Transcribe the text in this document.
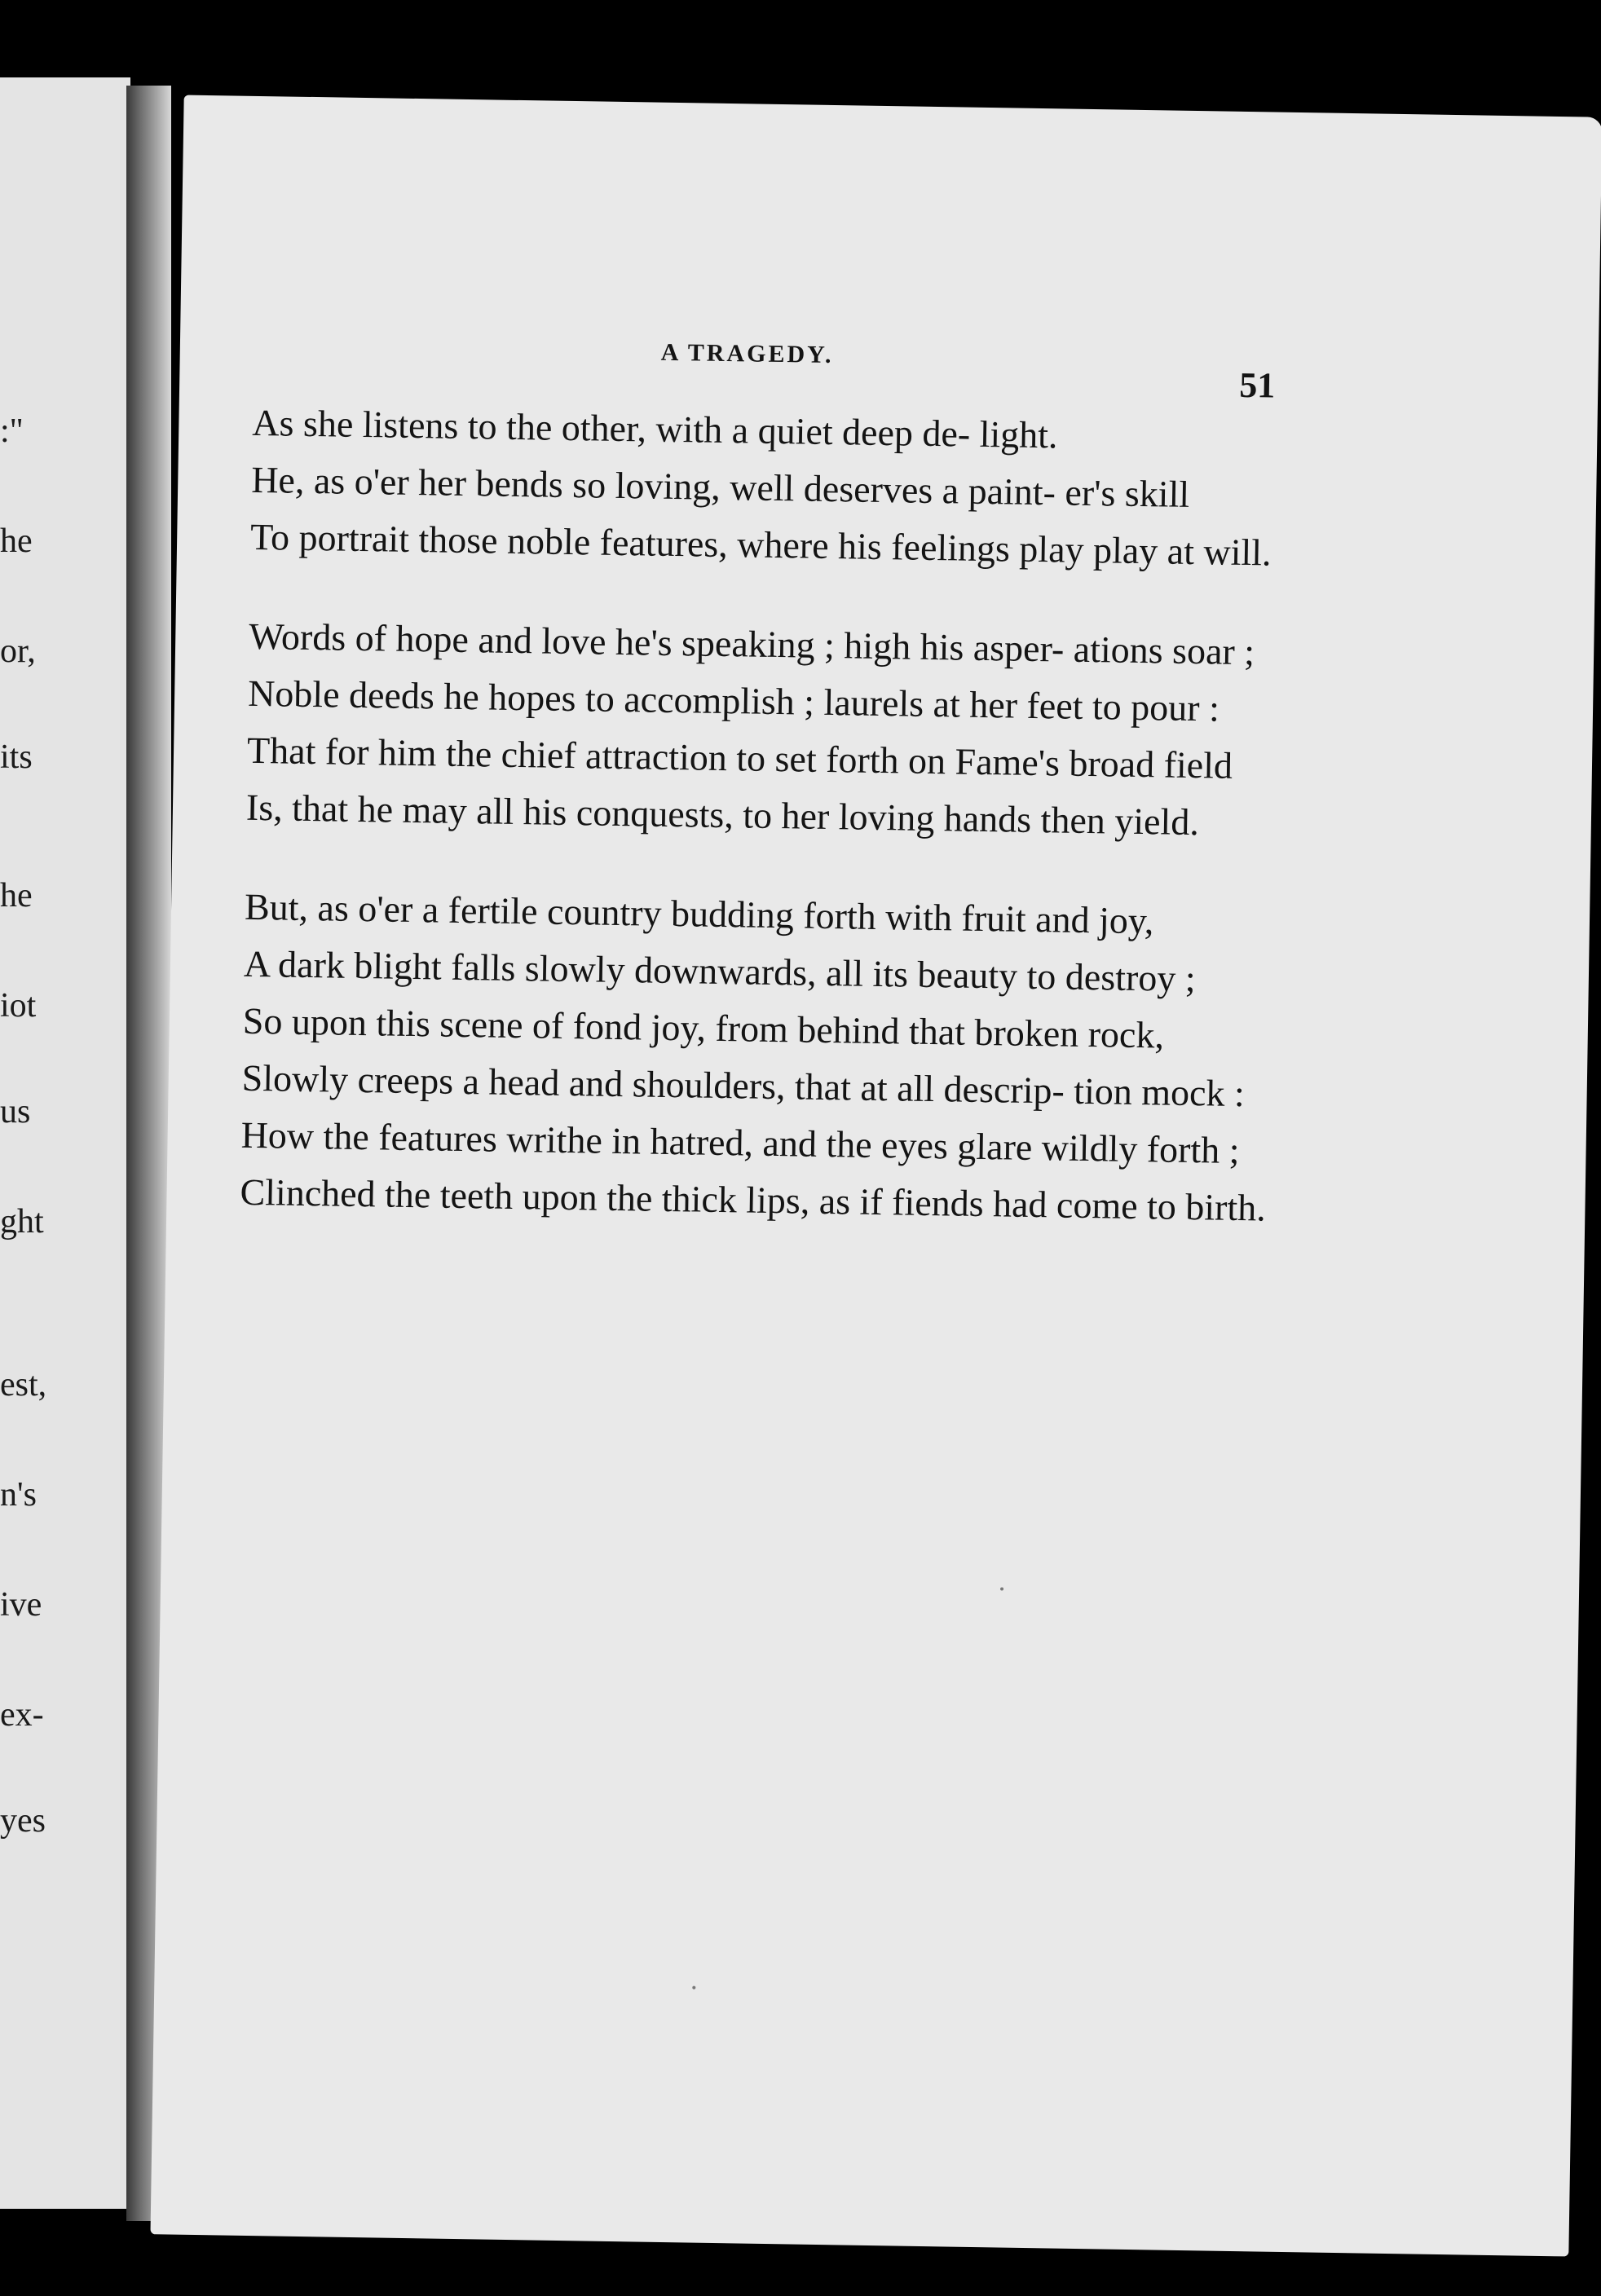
:"
he
or,
its
he
iot
us
ght
est,
n's
ive
ex-
yes
A TRAGEDY.
51
As she listens to the other, with a quiet deep de- light.
He, as o'er her bends so loving, well deserves a paint- er's skill
To portrait those noble features, where his feelings play play at will.
Words of hope and love he's speaking ; high his asper- ations soar ;
Noble deeds he hopes to accomplish ; laurels at her feet to pour :
That for him the chief attraction to set forth on Fame's broad field
Is, that he may all his conquests, to her loving hands then yield.
But, as o'er a fertile country budding forth with fruit and joy,
A dark blight falls slowly downwards, all its beauty to destroy ;
So upon this scene of fond joy, from behind that broken rock,
Slowly creeps a head and shoulders, that at all descrip- tion mock :
How the features writhe in hatred, and the eyes glare wildly forth ;
Clinched the teeth upon the thick lips, as if fiends had come to birth.
